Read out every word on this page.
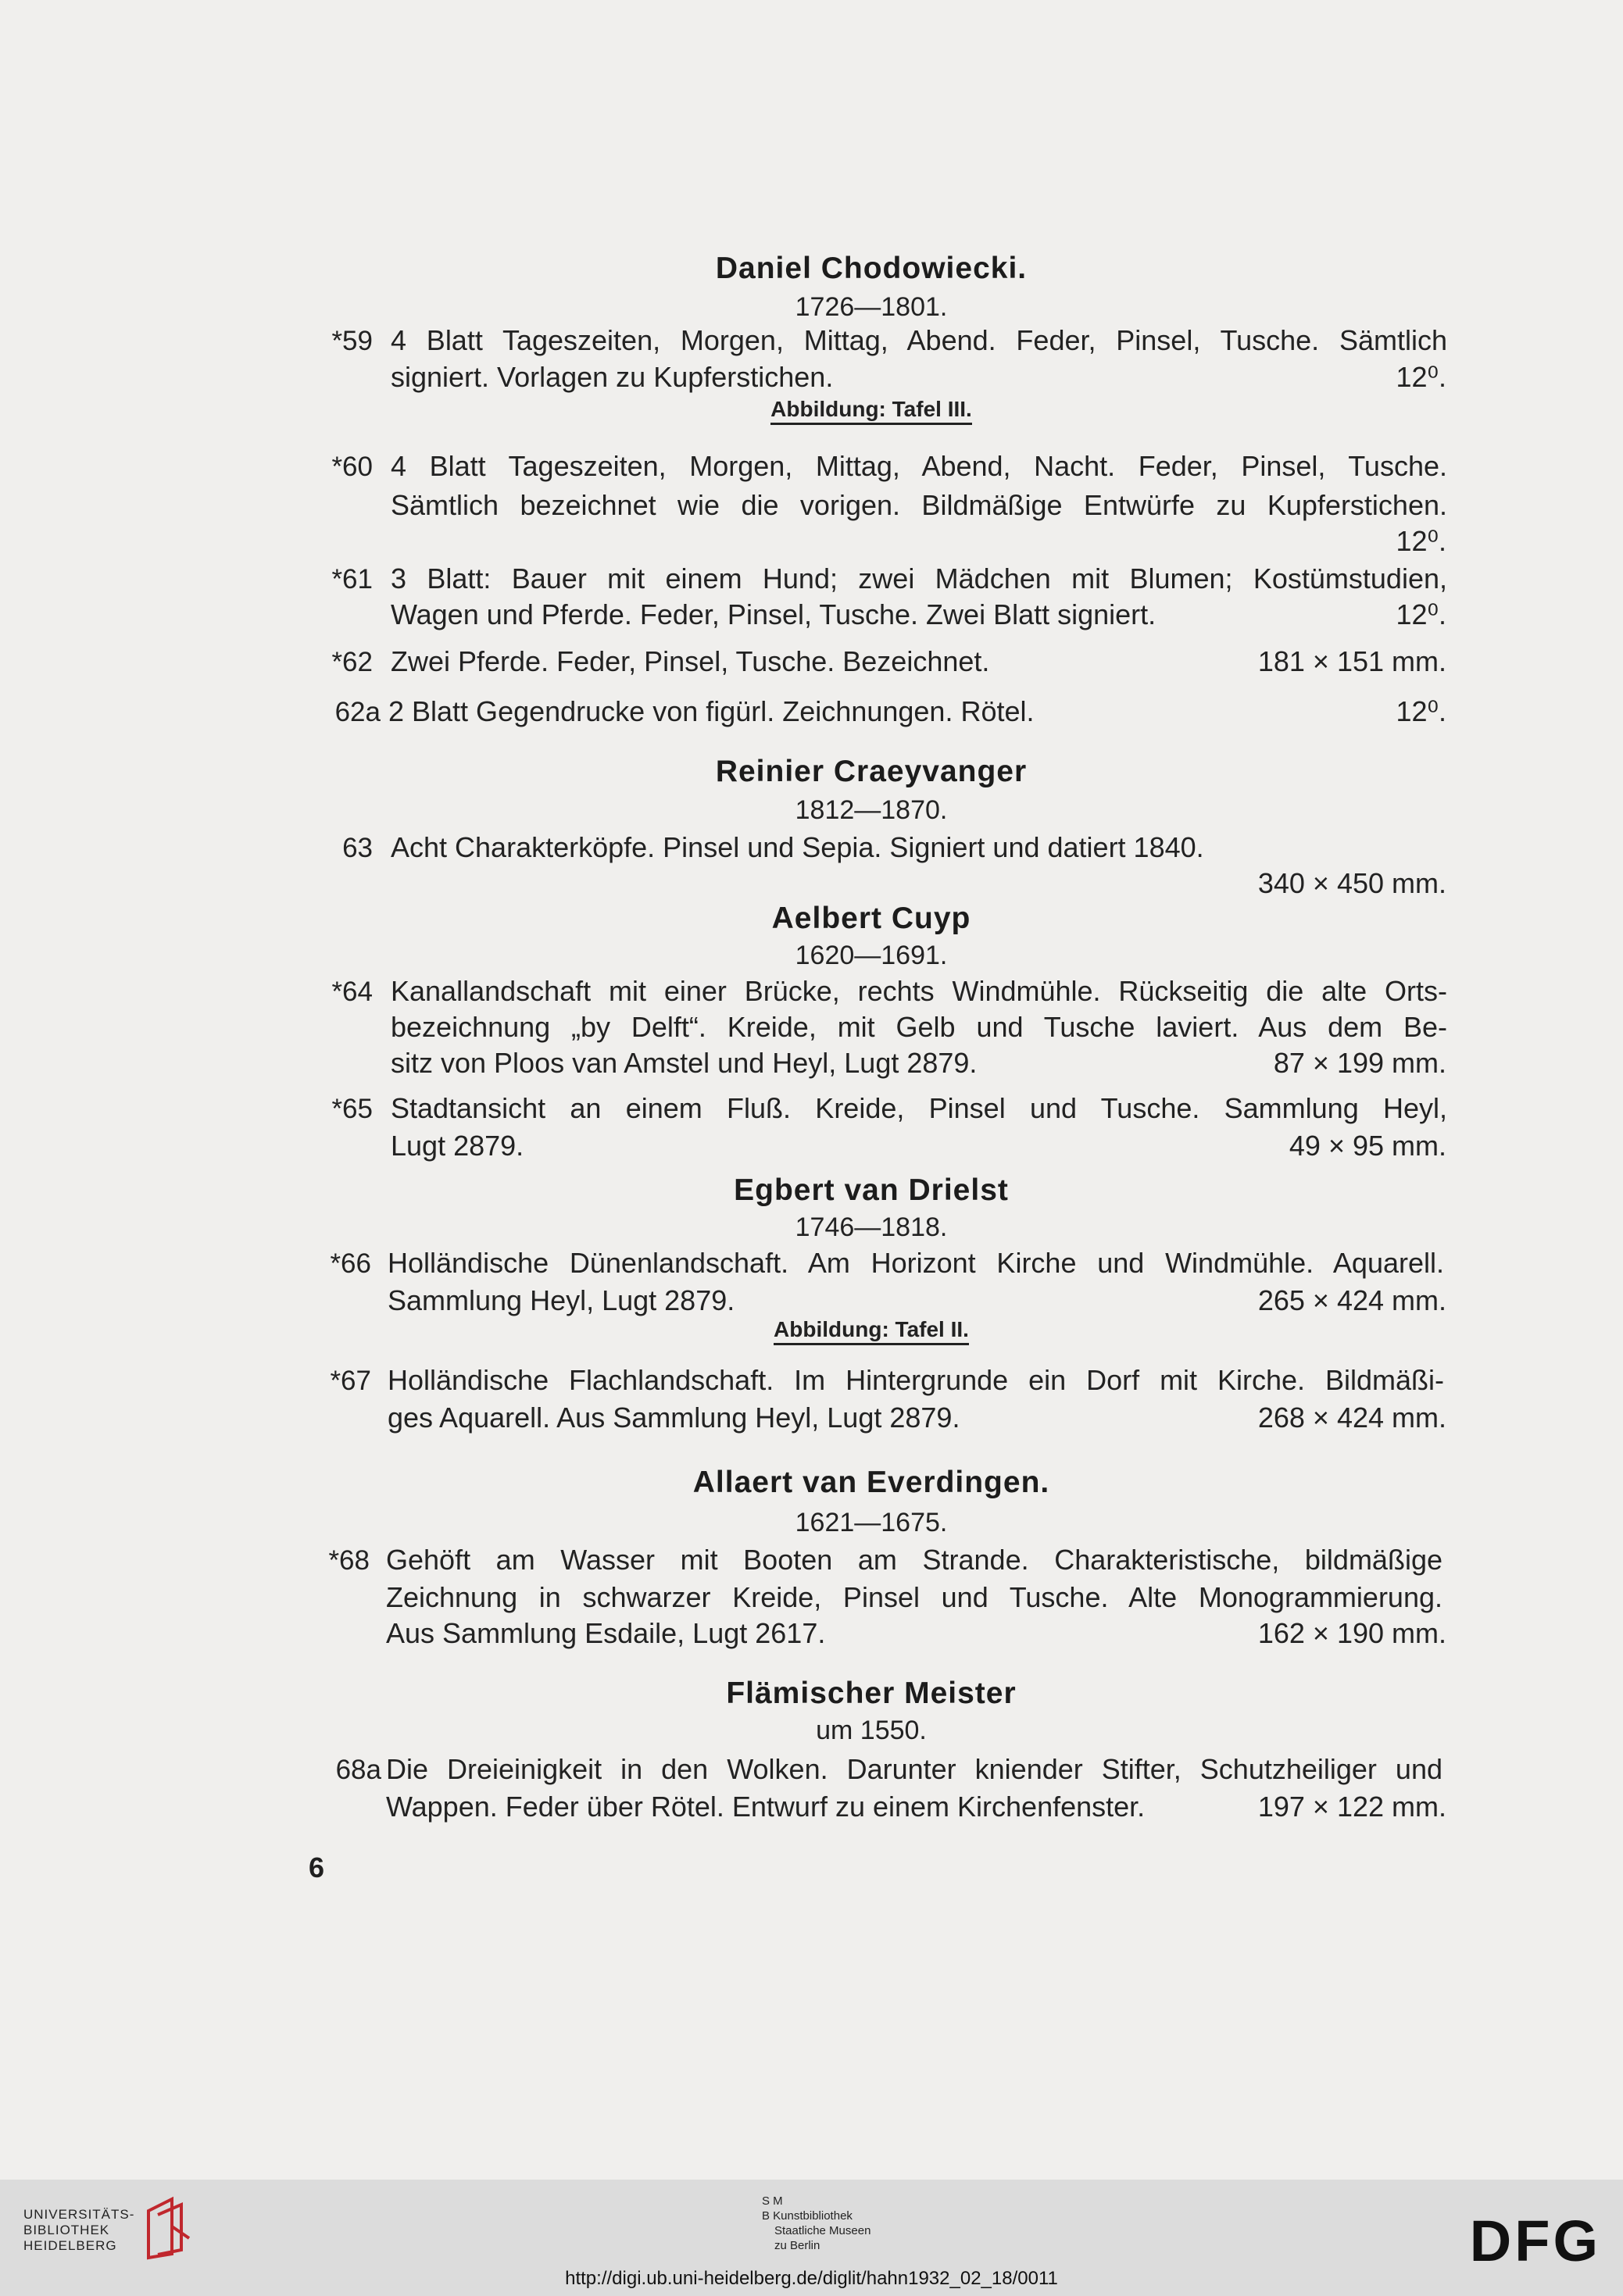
Daniel Chodowiecki.
1726—1801.
*59 4 Blatt Tageszeiten, Morgen, Mittag, Abend. Feder, Pinsel, Tusche. Sämtlich
signiert. Vorlagen zu Kupferstichen.	12⁰.
Abbildung: Tafel III.
*60 4 Blatt Tageszeiten, Morgen, Mittag, Abend, Nacht. Feder, Pinsel, Tusche.
Sämtlich bezeichnet wie die vorigen. Bildmäßige Entwürfe zu Kupferstichen.
12⁰.
*61 3 Blatt: Bauer mit einem Hund; zwei Mädchen mit Blumen; Kostümstudien,
Wagen und Pferde. Feder, Pinsel, Tusche. Zwei Blatt signiert.	12⁰.
*62 Zwei Pferde. Feder, Pinsel, Tusche. Bezeichnet.	181 × 151 mm.
62a 2 Blatt Gegendrucke von figürl. Zeichnungen. Rötel.	12⁰.
Reinier Craeyvanger
1812—1870.
63 Acht Charakterköpfe. Pinsel und Sepia. Signiert und datiert 1840.
340 × 450 mm.
Aelbert Cuyp
1620—1691.
*64 Kanallandschaft mit einer Brücke, rechts Windmühle. Rückseitig die alte Orts-
bezeichnung „by Delft“. Kreide, mit Gelb und Tusche laviert. Aus dem Be-
sitz von Ploos van Amstel und Heyl, Lugt 2879.	87 × 199 mm.
*65 Stadtansicht an einem Fluß. Kreide, Pinsel und Tusche. Sammlung Heyl,
Lugt 2879.	49 × 95 mm.
Egbert van Drielst
1746—1818.
*66 Holländische Dünenlandschaft. Am Horizont Kirche und Windmühle. Aquarell.
Sammlung Heyl, Lugt 2879.	265 × 424 mm.
Abbildung: Tafel II.
*67 Holländische Flachlandschaft. Im Hintergrunde ein Dorf mit Kirche. Bildmäßi-
ges Aquarell. Aus Sammlung Heyl, Lugt 2879.	268 × 424 mm.
Allaert van Everdingen.
1621—1675.
*68 Gehöft am Wasser mit Booten am Strande. Charakteristische, bildmäßige
Zeichnung in schwarzer Kreide, Pinsel und Tusche. Alte Monogrammierung.
Aus Sammlung Esdaile, Lugt 2617.	162 × 190 mm.
Flämischer Meister
um 1550.
68a Die Dreieinigkeit in den Wolken. Darunter kniender Stifter, Schutzheiliger und
Wappen. Feder über Rötel. Entwurf zu einem Kirchenfenster.	197 × 122 mm.
6
UNIVERSITÄTS-
BIBLIOTHEK
HEIDELBERG
S M
B Kunstbibliothek
Staatliche Museen
zu Berlin	DFG
http://digi.ub.uni-heidelberg.de/diglit/hahn1932_02_18/0011
